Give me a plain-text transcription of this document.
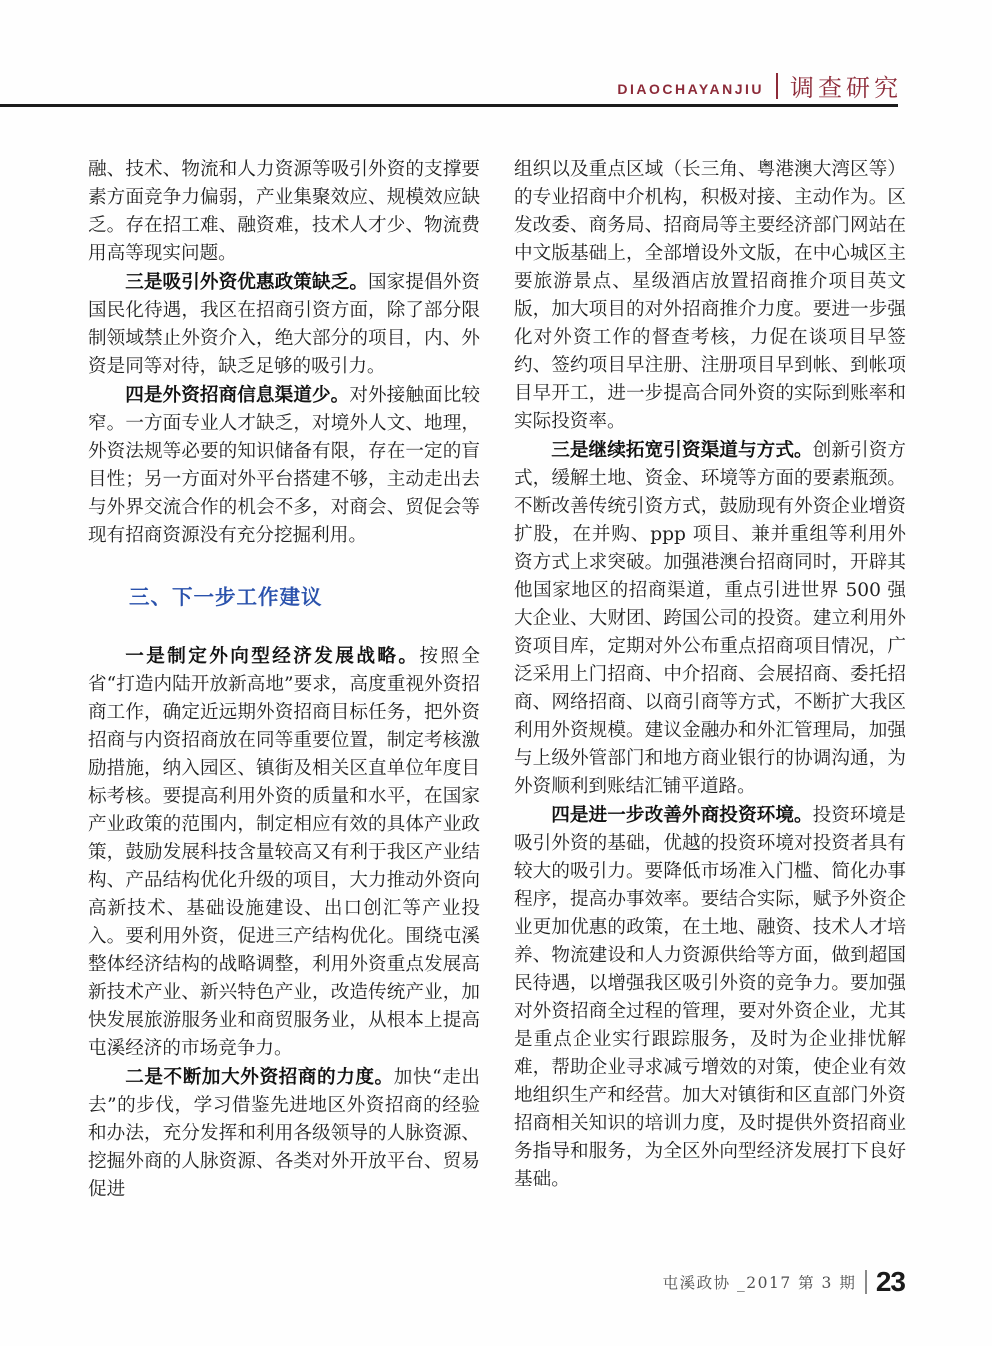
DIAOCHAYANJIU 调查研究

融、技术、物流和人力资源等吸引外资的支撑要素方面竞争力偏弱，产业集聚效应、规模效应缺乏。存在招工难、融资难，技术人才少、物流费用高等现实问题。

三是吸引外资优惠政策缺乏。国家提倡外资国民化待遇，我区在招商引资方面，除了部分限制领域禁止外资介入，绝大部分的项目，内、外资是同等对待，缺乏足够的吸引力。

四是外资招商信息渠道少。对外接触面比较窄。一方面专业人才缺乏，对境外人文、地理，外资法规等必要的知识储备有限，存在一定的盲目性；另一方面对外平台搭建不够，主动走出去与外界交流合作的机会不多，对商会、贸促会等现有招商资源没有充分挖掘利用。

三、下一步工作建议

一是制定外向型经济发展战略。按照全省“打造内陆开放新高地”要求，高度重视外资招商工作，确定近远期外资招商目标任务，把外资招商与内资招商放在同等重要位置，制定考核激励措施，纳入园区、镇街及相关区直单位年度目标考核。要提高利用外资的质量和水平，在国家产业政策的范围内，制定相应有效的具体产业政策，鼓励发展科技含量较高又有利于我区产业结构、产品结构优化升级的项目，大力推动外资向高新技术、基础设施建设、出口创汇等产业投入。要利用外资，促进三产结构优化。围绕屯溪整体经济结构的战略调整，利用外资重点发展高新技术产业、新兴特色产业，改造传统产业，加快发展旅游服务业和商贸服务业，从根本上提高屯溪经济的市场竞争力。

二是不断加大外资招商的力度。加快“走出去”的步伐，学习借鉴先进地区外资招商的经验和办法，充分发挥和利用各级领导的人脉资源、挖掘外商的人脉资源、各类对外开放平台、贸易促进

组织以及重点区域（长三角、粤港澳大湾区等）的专业招商中介机构，积极对接、主动作为。区发改委、商务局、招商局等主要经济部门网站在中文版基础上，全部增设外文版，在中心城区主要旅游景点、星级酒店放置招商推介项目英文版，加大项目的对外招商推介力度。要进一步强化对外资工作的督查考核，力促在谈项目早签约、签约项目早注册、注册项目早到帐、到帐项目早开工，进一步提高合同外资的实际到账率和实际投资率。

三是继续拓宽引资渠道与方式。创新引资方式，缓解土地、资金、环境等方面的要素瓶颈。不断改善传统引资方式，鼓励现有外资企业增资扩股，在并购、ppp 项目、兼并重组等利用外资方式上求突破。加强港澳台招商同时，开辟其他国家地区的招商渠道，重点引进世界 500 强大企业、大财团、跨国公司的投资。建立利用外资项目库，定期对外公布重点招商项目情况，广泛采用上门招商、中介招商、会展招商、委托招商、网络招商、以商引商等方式，不断扩大我区利用外资规模。建议金融办和外汇管理局，加强与上级外管部门和地方商业银行的协调沟通，为外资顺利到账结汇铺平道路。

四是进一步改善外商投资环境。投资环境是吸引外资的基础，优越的投资环境对投资者具有较大的吸引力。要降低市场准入门槛、简化办事程序，提高办事效率。要结合实际，赋予外资企业更加优惠的政策，在土地、融资、技术人才培养、物流建设和人力资源供给等方面，做到超国民待遇，以增强我区吸引外资的竞争力。要加强对外资招商全过程的管理，要对外资企业，尤其是重点企业实行跟踪服务，及时为企业排忧解难，帮助企业寻求减亏增效的对策，使企业有效地组织生产和经营。加大对镇街和区直部门外资招商相关知识的培训力度，及时提供外资招商业务指导和服务，为全区外向型经济发展打下良好基础。

屯溪政协 _2017 第 3 期 23
